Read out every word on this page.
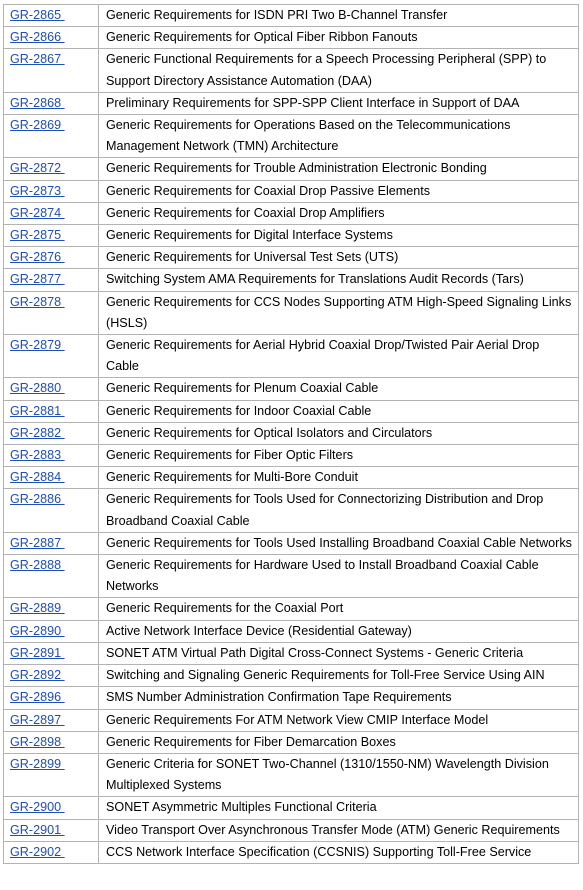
GR-2865	Generic Requirements for ISDN PRI Two B-Channel Transfer
GR-2866	Generic Requirements for Optical Fiber Ribbon Fanouts
GR-2867	Generic Functional Requirements for a Speech Processing Peripheral (SPP) to Support Directory Assistance Automation (DAA)
GR-2868	Preliminary Requirements for SPP-SPP Client Interface in Support of DAA
GR-2869	Generic Requirements for Operations Based on the Telecommunications Management Network (TMN) Architecture
GR-2872	Generic Requirements for Trouble Administration Electronic Bonding
GR-2873	Generic Requirements for Coaxial Drop Passive Elements
GR-2874	Generic Requirements for Coaxial Drop Amplifiers
GR-2875	Generic Requirements for Digital Interface Systems
GR-2876	Generic Requirements for Universal Test Sets (UTS)
GR-2877	Switching System AMA Requirements for Translations Audit Records (Tars)
GR-2878	Generic Requirements for CCS Nodes Supporting ATM High-Speed Signaling Links (HSLS)
GR-2879	Generic Requirements for Aerial Hybrid Coaxial Drop/Twisted Pair Aerial Drop Cable
GR-2880	Generic Requirements for Plenum Coaxial Cable
GR-2881	Generic Requirements for Indoor Coaxial Cable
GR-2882	Generic Requirements for Optical Isolators and Circulators
GR-2883	Generic Requirements for Fiber Optic Filters
GR-2884	Generic Requirements for Multi-Bore Conduit
GR-2886	Generic Requirements for Tools Used for Connectorizing Distribution and Drop Broadband Coaxial Cable
GR-2887	Generic Requirements for Tools Used Installing Broadband Coaxial Cable Networks
GR-2888	Generic Requirements for Hardware Used to Install Broadband Coaxial Cable Networks
GR-2889	Generic Requirements for the Coaxial Port
GR-2890	Active Network Interface Device (Residential Gateway)
GR-2891	SONET ATM Virtual Path Digital Cross-Connect Systems - Generic Criteria
GR-2892	Switching and Signaling Generic Requirements for Toll-Free Service Using AIN
GR-2896	SMS Number Administration Confirmation Tape Requirements
GR-2897	Generic Requirements For ATM Network View CMIP Interface Model
GR-2898	Generic Requirements for Fiber Demarcation Boxes
GR-2899	Generic Criteria for SONET Two-Channel (1310/1550-NM) Wavelength Division Multiplexed Systems
GR-2900	SONET Asymmetric Multiples Functional Criteria
GR-2901	Video Transport Over Asynchronous Transfer Mode (ATM) Generic Requirements
GR-2902	CCS Network Interface Specification (CCSNIS) Supporting Toll-Free Service
